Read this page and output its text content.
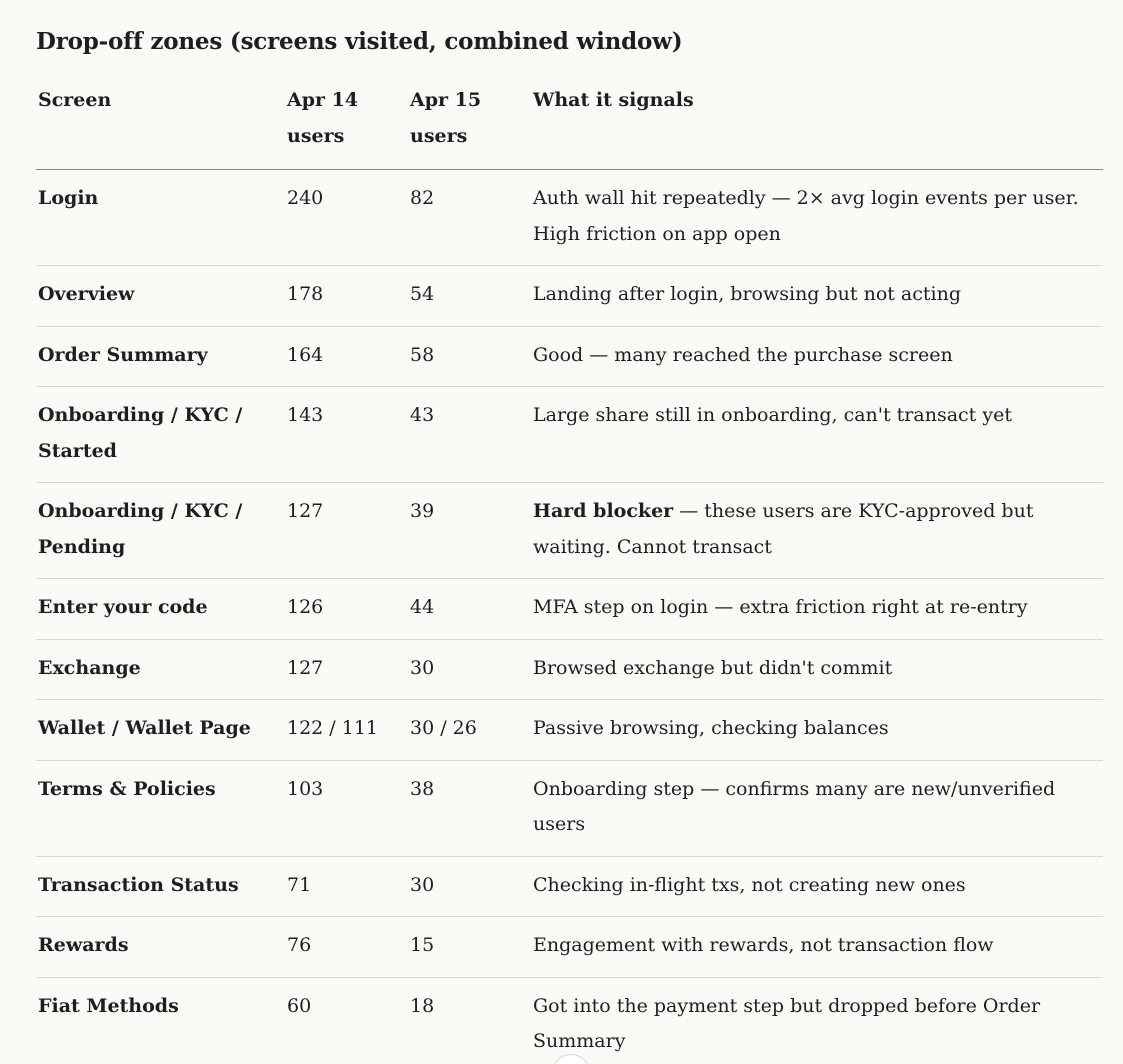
Drop-off zones (screens visited, combined window)
Screen	Apr 14 users	Apr 15 users	What it signals
Login	240	82	Auth wall hit repeatedly — 2× avg login events per user. High friction on app open
Overview	178	54	Landing after login, browsing but not acting
Order Summary	164	58	Good — many reached the purchase screen
Onboarding / KYC / Started	143	43	Large share still in onboarding, can't transact yet
Onboarding / KYC / Pending	127	39	Hard blocker — these users are KYC-approved but waiting. Cannot transact
Enter your code	126	44	MFA step on login — extra friction right at re-entry
Exchange	127	30	Browsed exchange but didn't commit
Wallet / Wallet Page	122 / 111	30 / 26	Passive browsing, checking balances
Terms & Policies	103	38	Onboarding step — confirms many are new/unverified users
Transaction Status	71	30	Checking in-flight txs, not creating new ones
Rewards	76	15	Engagement with rewards, not transaction flow
Fiat Methods	60	18	Got into the payment step but dropped before Order Summary
